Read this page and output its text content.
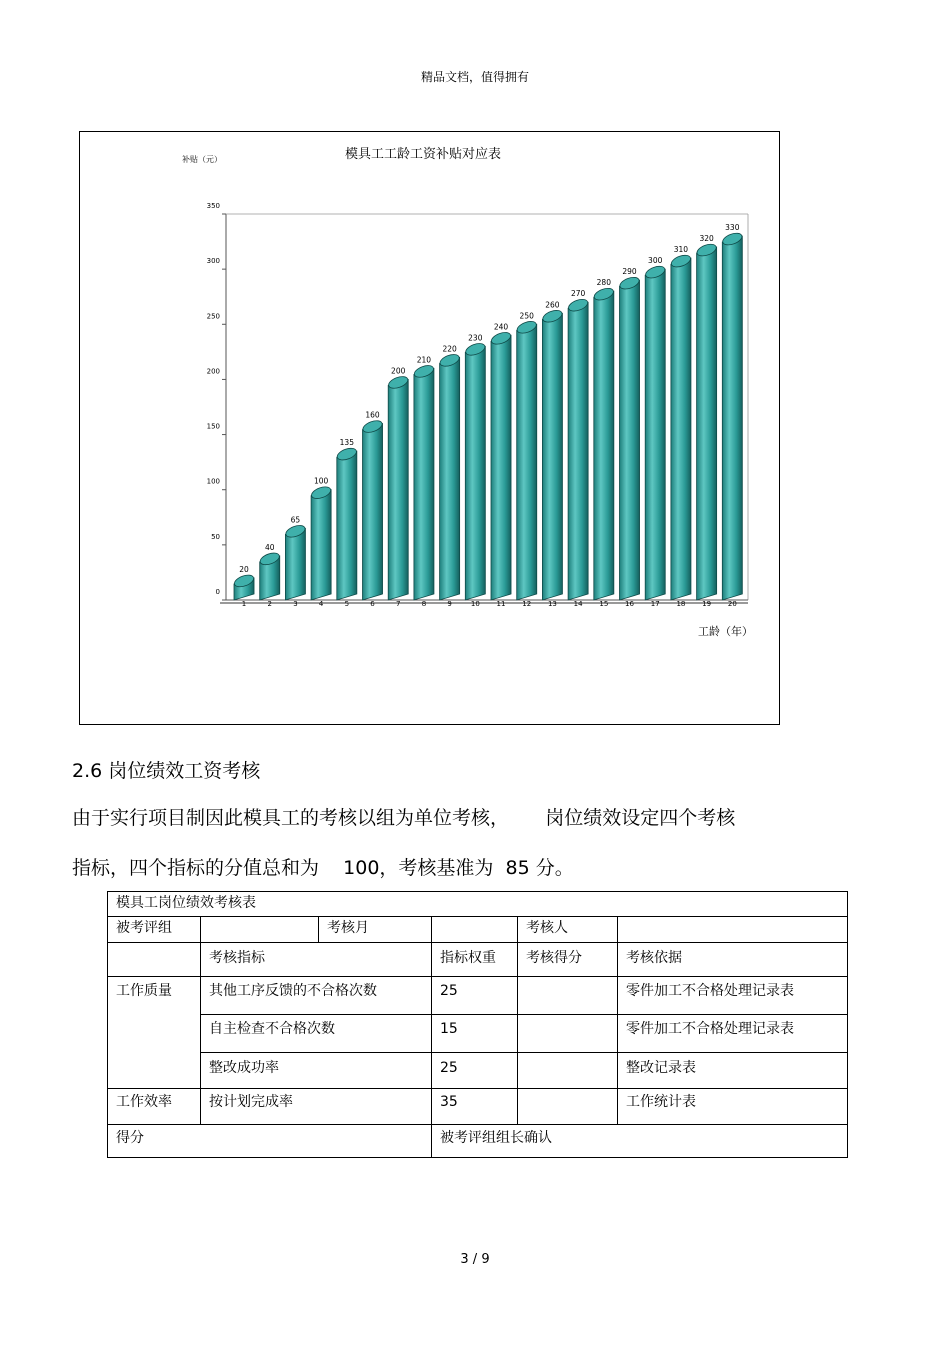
精品文档，值得拥有
模具工工龄工资补贴对应表
补贴（元）
工龄（年）
0
50
100
150
200
250
300
350
20
1
40
2
65
3
100
4
135
5
160
6
200
7
210
8
220
9
230
10
240
11
250
12
260
13
270
14
280
15
290
16
300
17
310
18
320
19
330
20
2.6 岗位绩效工资考核
由于实行项目制因此模具工的考核以组为单位考核，      岗位绩效设定四个考核
指标，四个指标的分值总和为    100，考核基准为  85 分。
模具工岗位绩效考核表					
被考评组		考核月		考核人	
	考核指标		指标权重	考核得分	考核依据
工作质量	其他工序反馈的不合格次数		25		零件加工不合格处理记录表
	自主检查不合格次数		15		零件加工不合格处理记录表
	整改成功率		25		整改记录表
工作效率	按计划完成率		35		工作统计表
得分			被考评组组长确认		
3 / 9
